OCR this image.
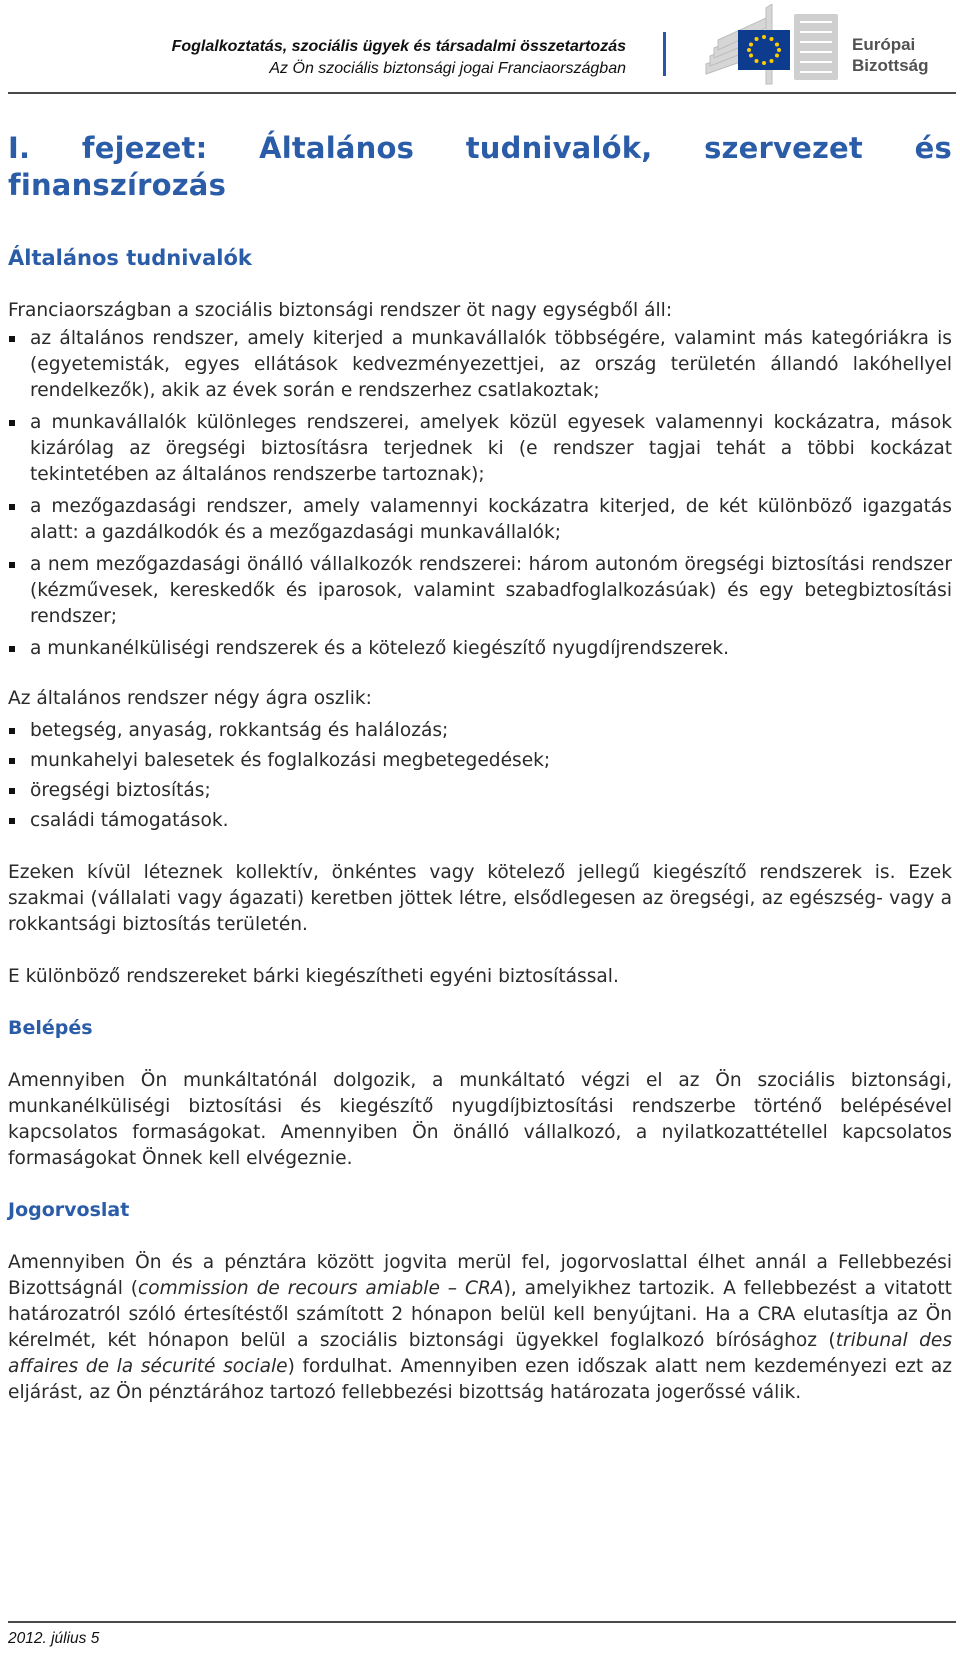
Foglalkoztatás, szociális ügyek és társadalmi összetartozás
Az Ön szociális biztonsági jogai Franciaországban
Európai
Bizottság
I. fejezet: Általános tudnivalók, szervezet és finanszírozás
Általános tudnivalók

Franciaországban a szociális biztonsági rendszer öt nagy egységből áll:

az általános rendszer, amely kiterjed a munkavállalók többségére, valamint más kategóriákra is (egyetemisták, egyes ellátások kedvezményezettjei, az ország területén állandó lakóhellyel rendelkezők), akik az évek során e rendszerhez csatlakoztak;
a munkavállalók különleges rendszerei, amelyek közül egyesek valamennyi kockázatra, mások kizárólag az öregségi biztosításra terjednek ki (e rendszer tagjai tehát a többi kockázat tekintetében az általános rendszerbe tartoznak);
a mezőgazdasági rendszer, amely valamennyi kockázatra kiterjed, de két különböző igazgatás alatt: a gazdálkodók és a mezőgazdasági munkavállalók;
a nem mezőgazdasági önálló vállalkozók rendszerei: három autonóm öregségi biztosítási rendszer (kézművesek, kereskedők és iparosok, valamint szabadfoglalkozásúak) és egy betegbiztosítási rendszer;
a munkanélküliségi rendszerek és a kötelező kiegészítő nyugdíjrendszerek.

Az általános rendszer négy ágra oszlik:

betegség, anyaság, rokkantság és halálozás;
munkahelyi balesetek és foglalkozási megbetegedések;
öregségi biztosítás;
családi támogatások.

Ezeken kívül léteznek kollektív, önkéntes vagy kötelező jellegű kiegészítő rendszerek is. Ezek szakmai (vállalati vagy ágazati) keretben jöttek létre, elsődlegesen az öregségi, az egészség- vagy a rokkantsági biztosítás területén.

E különböző rendszereket bárki kiegészítheti egyéni biztosítással.

Belépés

Amennyiben Ön munkáltatónál dolgozik, a munkáltató végzi el az Ön szociális biztonsági, munkanélküliségi biztosítási és kiegészítő nyugdíjbiztosítási rendszerbe történő belépésével kapcsolatos formaságokat. Amennyiben Ön önálló vállalkozó, a nyilatkozattétellel kapcsolatos formaságokat Önnek kell elvégeznie.

Jogorvoslat

Amennyiben Ön és a pénztára között jogvita merül fel, jogorvoslattal élhet annál a Fellebbezési Bizottságnál (commission de recours amiable – CRA), amelyikhez tartozik. A fellebbezést a vitatott határozatról szóló értesítéstől számított 2 hónapon belül kell benyújtani. Ha a CRA elutasítja az Ön kérelmét, két hónapon belül a szociális biztonsági ügyekkel foglalkozó bírósághoz (tribunal des affaires de la sécurité sociale) fordulhat. Amennyiben ezen időszak alatt nem kezdeményezi ezt az eljárást, az Ön pénztárához tartozó fellebbezési bizottság határozata jogerőssé válik.

2012. július 5
